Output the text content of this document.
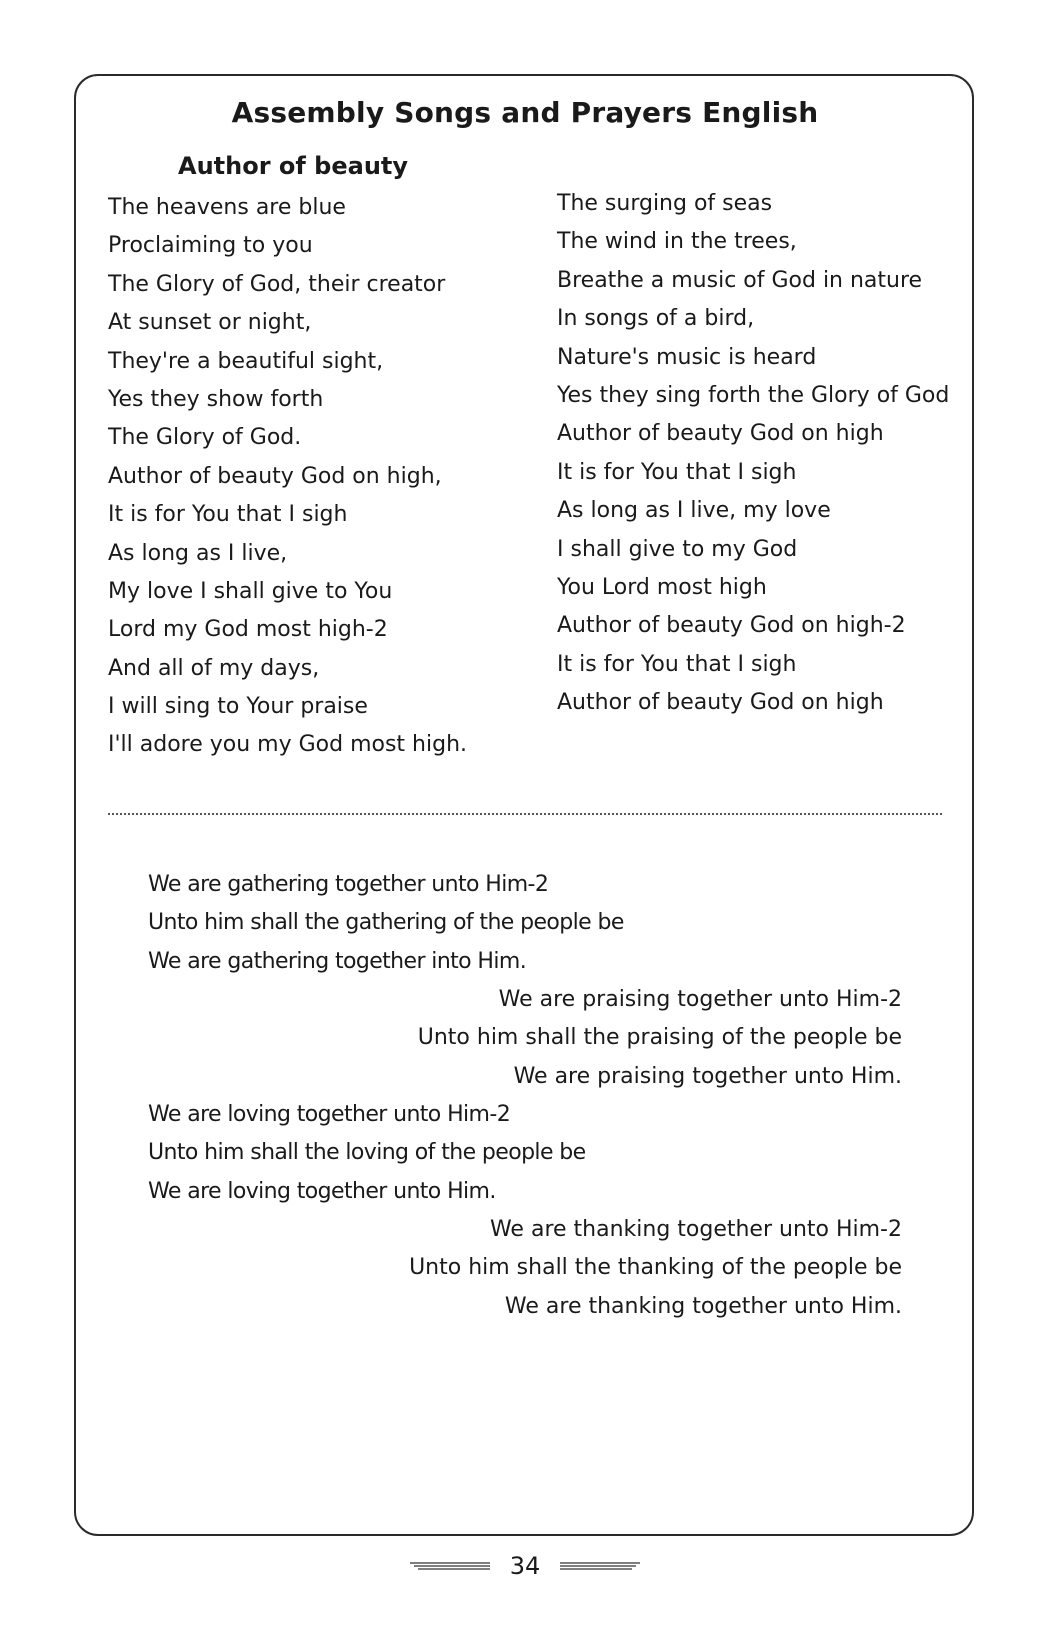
Assembly Songs and Prayers English
Author of beauty
The heavens are blue
Proclaiming to you
The Glory of God, their creator
At sunset or night,
They're a beautiful sight,
Yes they show forth
The Glory of God.
Author of beauty God on high,
It is for You that I sigh
As long as I live,
My love I shall give to You
Lord my God most high-2
And all of my days,
I will sing to Your praise
I'll adore you my God most high.
The surging of seas
The wind in the trees,
Breathe a music of God in nature
In songs of a bird,
Nature's music is heard
Yes they sing forth the Glory of God
Author of beauty God on high
It is for You that I sigh
As long as I live, my love
I shall give to my God
You Lord most high
Author of beauty God on high-2
It is for You that I sigh
Author of beauty God on high
We are gathering together unto Him-2
Unto him shall the gathering of the people be
We are gathering together into Him.
We are praising together unto Him-2
Unto him shall the praising of the people be
We are praising together unto Him.
We are loving together unto Him-2
Unto him shall the loving of the people be
We are loving together unto Him.
We are thanking together unto Him-2
Unto him shall the thanking of the people be
We are thanking together unto Him.
34
